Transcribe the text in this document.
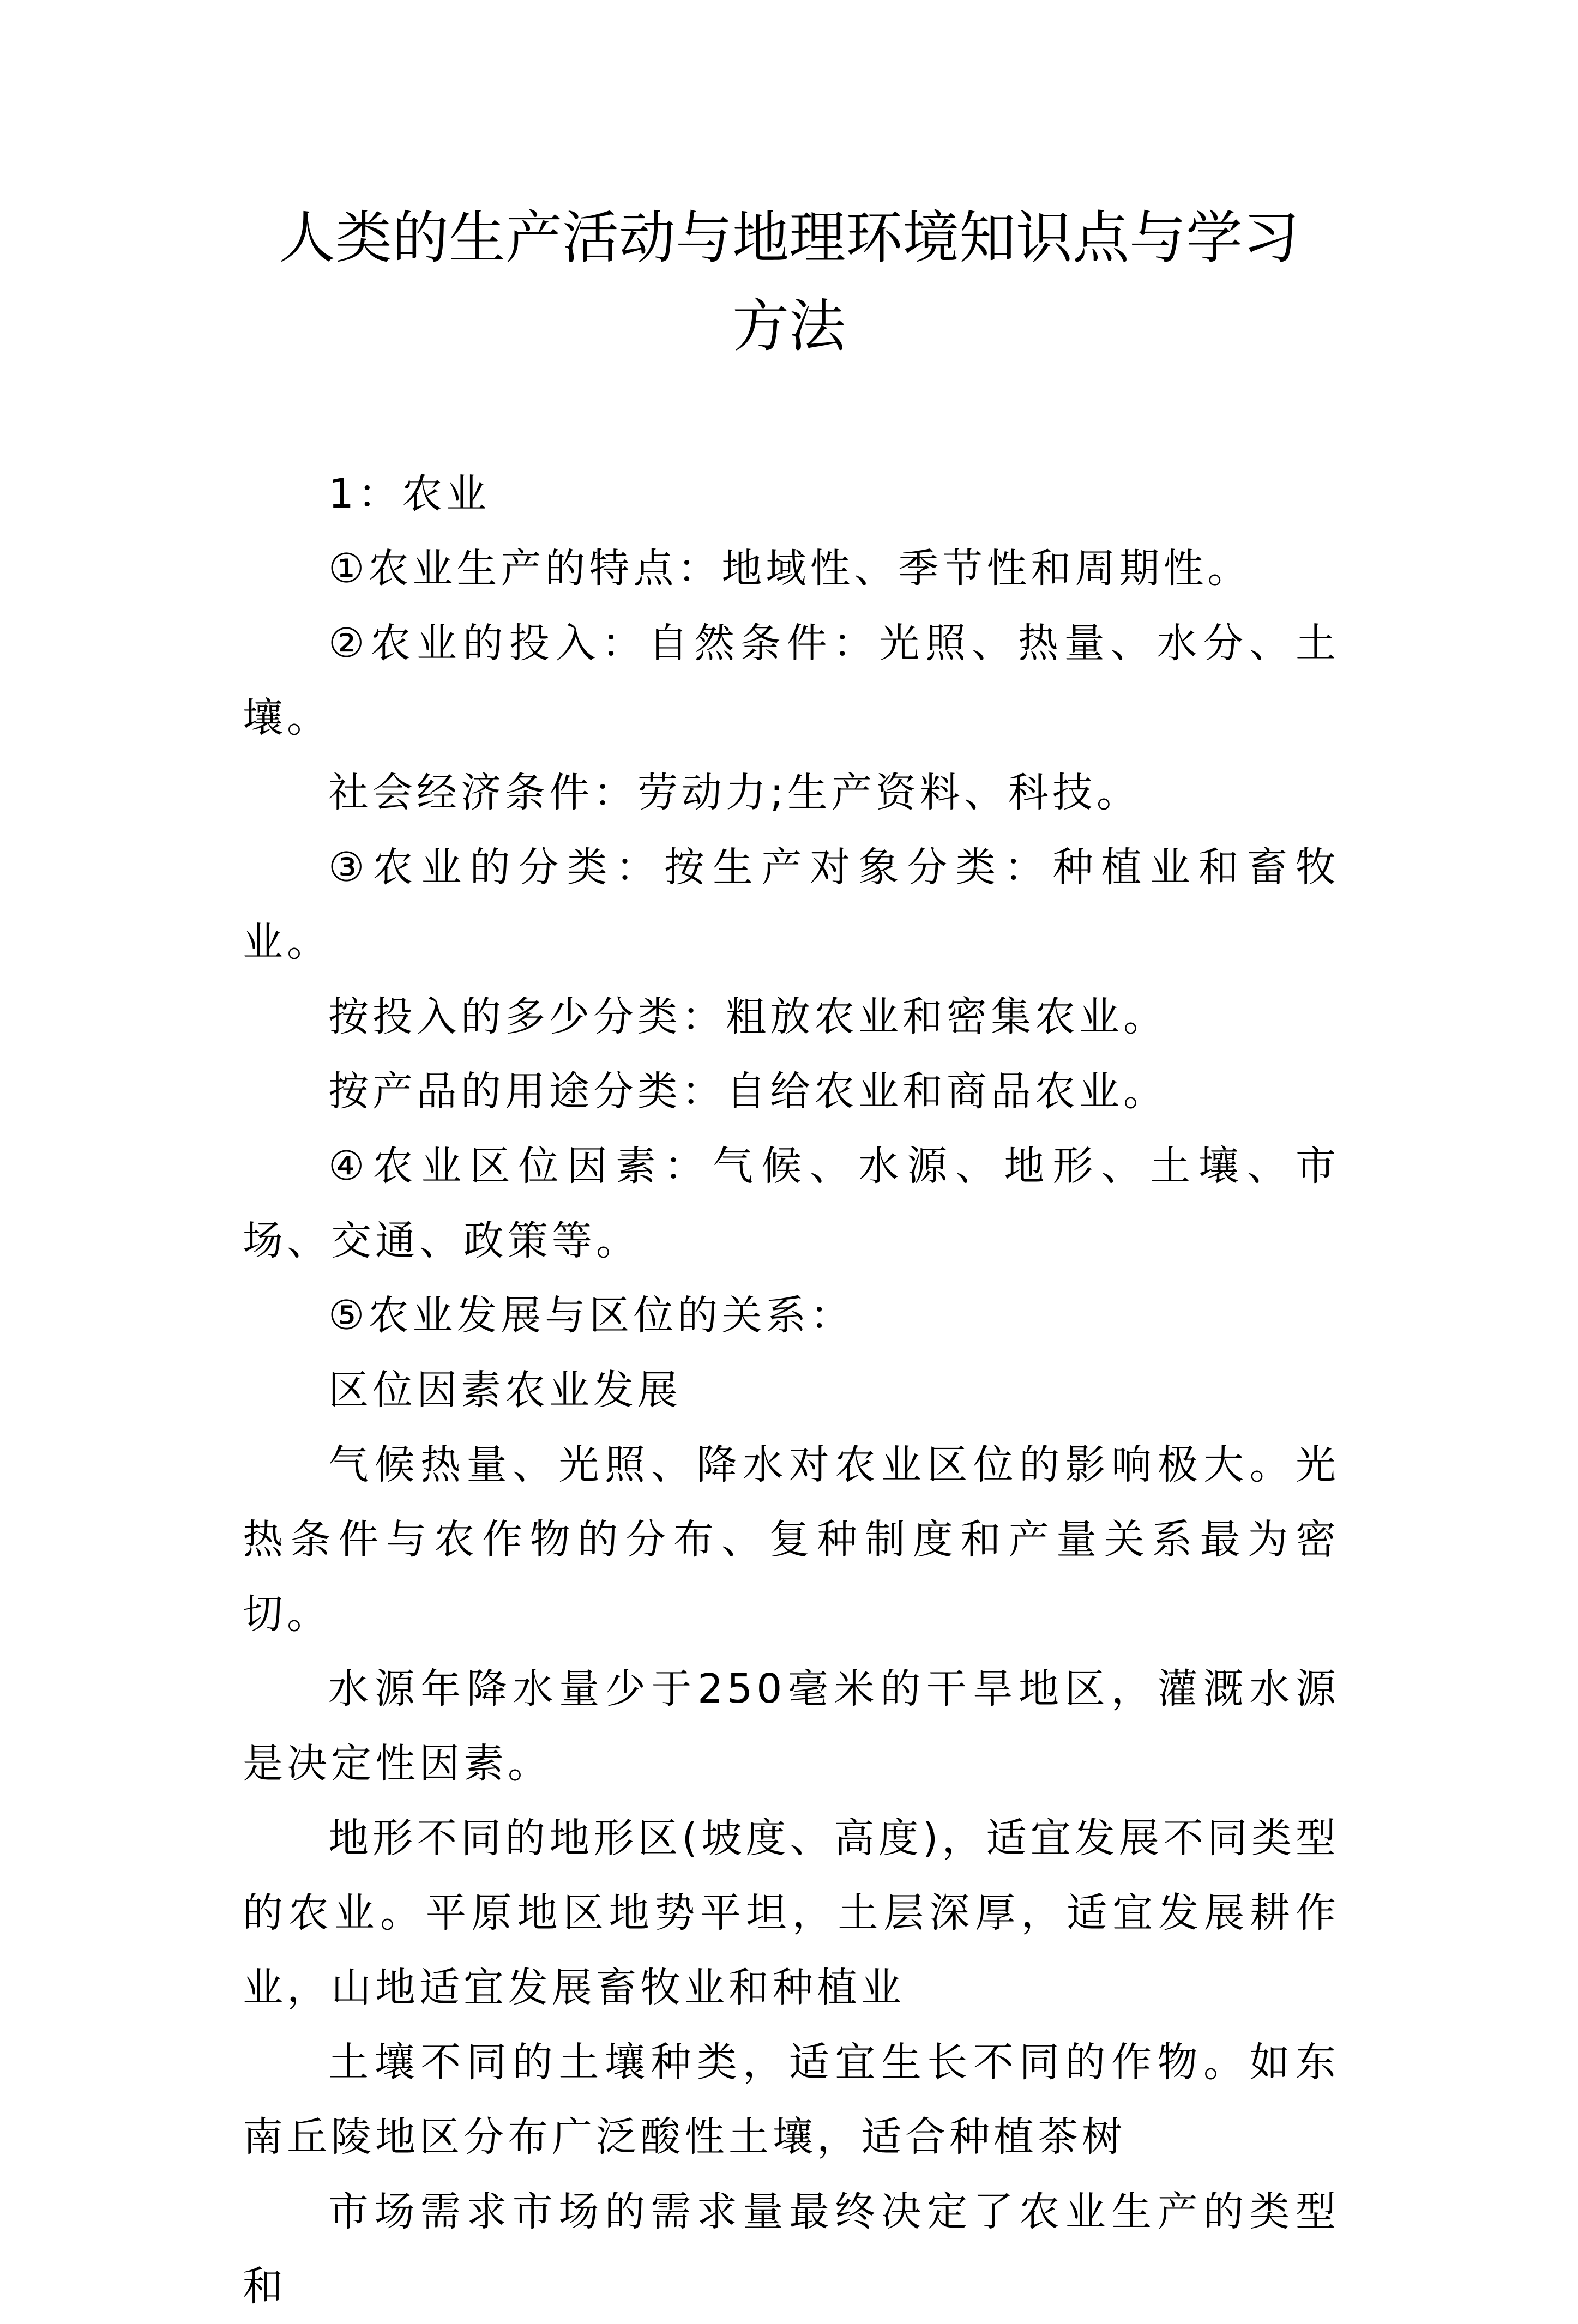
人类的生产活动与地理环境知识点与学习
方法

1：农业

①农业生产的特点：地域性、季节性和周期性。

②农业的投入：自然条件：光照、热量、水分、土壤。

社会经济条件：劳动力;生产资料、科技。

③农业的分类：按生产对象分类：种植业和畜牧业。

按投入的多少分类：粗放农业和密集农业。

按产品的用途分类：自给农业和商品农业。

④农业区位因素：气候、水源、地形、土壤、市场、交通、政策等。

⑤农业发展与区位的关系：

区位因素农业发展

气候热量、光照、降水对农业区位的影响极大。光热条件与农作物的分布、复种制度和产量关系最为密切。

水源年降水量少于250毫米的干旱地区，灌溉水源是决定性因素。

地形不同的地形区(坡度、高度)，适宜发展不同类型的农业。平原地区地势平坦，土层深厚，适宜发展耕作业，山地适宜发展畜牧业和种植业

土壤不同的土壤种类，适宜生长不同的作物。如东南丘陵地区分布广泛酸性土壤，适合种植茶树

市场需求市场的需求量最终决定了农业生产的类型和
